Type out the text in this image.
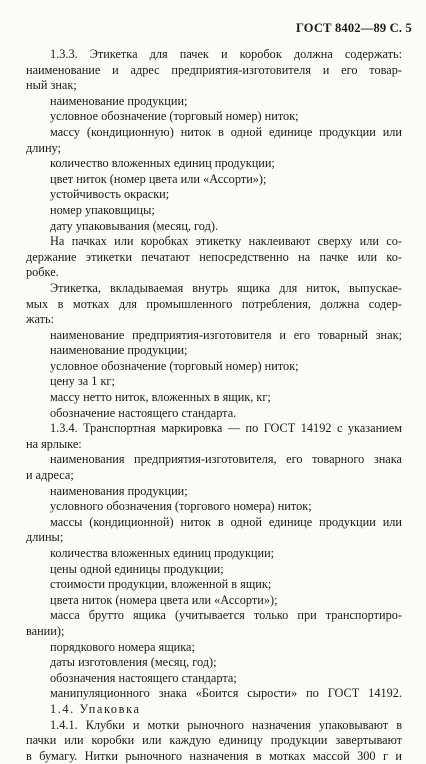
ГОСТ 8402—89 С. 5
1.3.3. Этикетка для пачек и коробок должна содержать:
наименование и адрес предприятия-изготовителя и его товар-
ный знак;
наименование продукции;
условное обозначение (торговый номер) ниток;
массу (кондиционную) ниток в одной единице продукции или
длину;
количество вложенных единиц продукции;
цвет ниток (номер цвета или «Ассорти»);
устойчивость окраски;
номер упаковщицы;
дату упаковывания (месяц, год).
На пачках или коробках этикетку наклеивают сверху или со-
держание этикетки печатают непосредственно на пачке или ко-
робке.
Этикетка, вкладываемая внутрь ящика для ниток, выпускае-
мых в мотках для промышленного потребления, должна содер-
жать:
наименование предприятия-изготовителя и его товарный знак;
наименование продукции;
условное обозначение (торговый номер) ниток;
цену за 1 кг;
массу нетто ниток, вложенных в ящик, кг;
обозначение настоящего стандарта.
1.3.4. Транспортная маркировка — по ГОСТ 14192 с указанием
на ярлыке:
наименования предприятия-изготовителя, его товарного знака
и адреса;
наименования продукции;
условного обозначения (торгового номера) ниток;
массы (кондиционной) ниток в одной единице продукции или
длины;
количества вложенных единиц продукции;
цены одной единицы продукции;
стоимости продукции, вложенной в ящик;
цвета ниток (номера цвета или «Ассорти»);
масса брутто ящика (учитывается только при транспортиро-
вании);
порядкового номера ящика;
даты изготовления (месяц, год);
обозначения настоящего стандарта;
манипуляционного знака «Боится сырости» по ГОСТ 14192.
1.4. Упаковка
1.4.1. Клубки и мотки рыночного назначения упаковывают в
пачки или коробки или каждую единицу продукции завертывают
в бумагу. Нитки рыночного назначения в мотках массой 300 г и
